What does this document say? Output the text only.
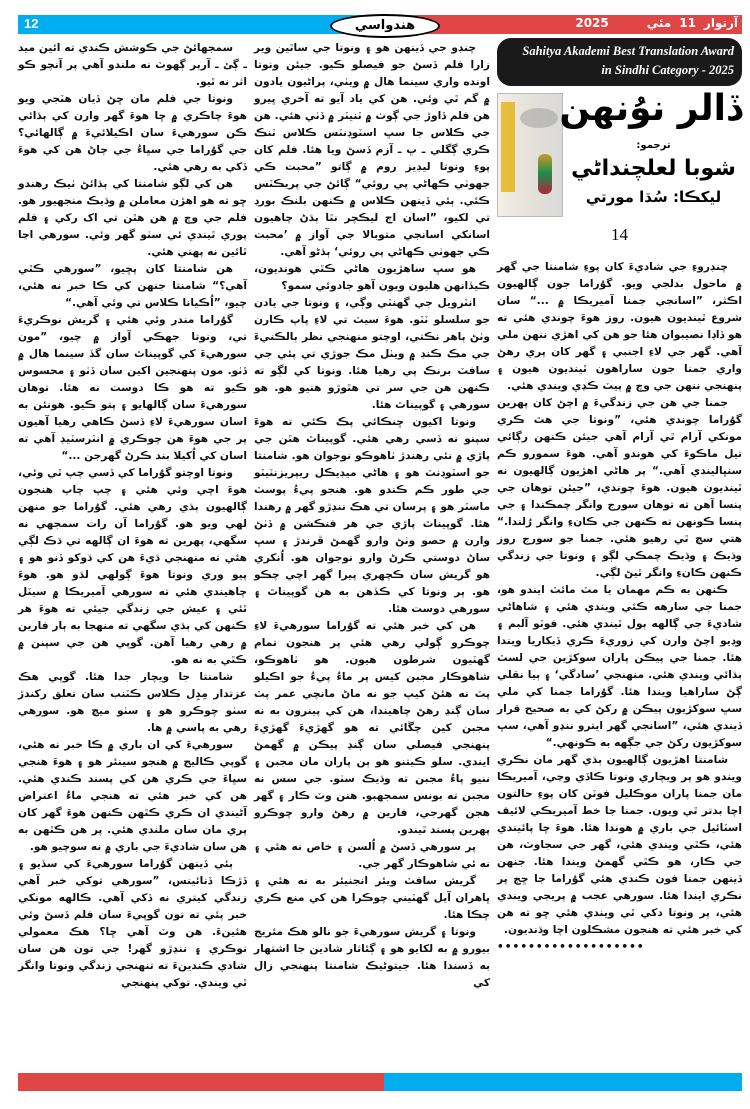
12	هندواسي	آرتوار11مئي2025
Sahitya Akademi Best Translation Award
in Sindhi Category - 2025
ڏالر نوُنهن
ترجمو:
شوبا لعلچنداڻي
ليکڪا: سُڌا مورتي
14

چنڊروءِ جي شاديءَ کان پوءِ شامنتا جي گهر ۾ ماحول بدلجي ويو. گوُراما جون ڳالهيون اڪثر، ”اسانجي جمنا آميريڪا ۾ ...“ سان شروع ٿينديون هيون. روز هوءَ چوندي هئي ته هو ڏاڍا نصيبوان هئا جو هن کي اهڙي ننهن ملي آهي. گهر جي لاءِ اجنبي ۽ گهر کان پري رهڻ واري جمنا جون ساراهون ٿينديون هيون ۽ پنهنجي ننهن جي وچ ۾ پيٽ ڪڍي ويندي هئي.

جمنا جي هن جي زندگيءَ ۾ اچڻ کان پهرين گوُراما چوندي هئي، ”ونوتا جي هٿ ڪري مونکي آرام ٿي آرام آهي جيئن ڪنهن رڳائي تيل ماڪوءَ کي هوندو آهي. هوءَ سمورو ڪم سنڀاليندي آهي.“ پر هاڻي اهڙيون ڳالهيون نه ٿينديون هيون. هوءَ چوندي، ”جيئن توهان جي پنسا آهن ته توهان سورج وانگر چمڪندا ۽ جي پنسا ڪونهن ته ڪنهن جي ڪانءِ وانگر رُلندا.“ هتي سچ ٿي رهيو هئي. جمنا جو سورج روز وڌيڪ ۽ وڌيڪ چمڪي لڳو ۽ ونوتا جي زندگي ڪنهن ڪانءِ وانگر ٿيڻ لڳي.

ڪنهن به ڪم مهمان يا مٽ مائٽ ايندو هو، جمنا جي سارهه ڪئي ويندي هئي ۽ شاهاڻي شاديءَ جي ڳالهه ٻول ٿيندي هئي. فوٽو آلبم ۽ وڊيو اچڻ وارن کي زوريءَ ڪري ڏيکاريا ويندا هئا. جمنا جي پيڪن پاران سوکڙين جي لسٽ ٻڌائي ويندي هئي. منهنجي ’سادگي‘ ۽ ٻيا نقلي ڳڻ ساراهيا ويندا هئا. گوُراما جمنا کي ملي سڀ سوکڙيون پيڪن ۾ رکڻ کي به صحيح قرار ڏيندي هئي، ”اسانجي گهر ايترو ننڍو آهي، سڀ سوکڙيون رکڻ جي جڳهه به ڪونهي.“

شامنتا اهڙيون ڳالهيون ٻڌي گهر مان نڪري ويندو هو پر ويچاري ونوتا ڪاڏي وڃي، آميريڪا مان جمنا پاران موڪليل فوٽن کان پوءِ حالتون اچا بدتر ٿي ويون. جمنا جا خط آميريڪي لائيف اسٽائيل جي باري ۾ هوندا هئا. هوءَ ڇا پائيندي هئي، ڪٿي ويندي هئي، گهر جي سجاوٽ، هن جي ڪار، هو ڪٿي گهمڻ ويندا هئا. جنهن ڏينهن جمنا فون ڪندي هئي گوُراما جا ڇڄ پر نڪري ايندا هئا. سورهي عجب ۾ پريجي ويندي هئي، پر ونوتا دکي ٿي ويندي هئي ڇو ته هن کي خبر هئي ته هنجون مشڪلون اچا وڌنديون.

•••••••••••••••••••

چنڊو جي ڏينهن هو ۽ ونوتا جي ساٿين وير زارا فلم ڏسڻ جو فيصلو ڪيو. جيئن ونوتا اونده واري سينما هال ۾ ويٺي، پراڻيون يادون ۾ گم ٿي وئي. هن کي ياد آيو ته آخري ڀيرو هن فلم ڏاوڙ جي ڳوٺ ۾ ٽنيٽر ۾ ڏٺي هئي. هن جي ڪلاس جا سڀ اسٽوڊنٽس ڪلاس ٽنڪ ڪري ڳگلي ـ ڀ ـ آزم ڏسڻ ويا هئا. فلم کان پوءِ ونوتا ليڊيز روم ۾ ڳاتو ”محبت ڪي جهوٺي ڪهاڻي پي روئي“ ڳائڻ جي پريڪٽس ڪئي. ٻئي ڏينهن ڪلاس ۾ ڪنهن بلنڪ بورڊ تي لکيو، ”اسان اڄ ليڪچر نٿا ٻڌڻ چاهيون اسانکي اسانجي متوبالا جي آواز ۾ ’محبت ڪي جهوٺي ڪهاڻي پي روئي‘ ٻڌڻو آهي.

هو سڀ ساهڙيون هاڻي ڪٿي هونديون، ڪيڏانهن هليون ويون آهو جادوئي سمو؟

انٽرويل جي گهنٽي وڳي، ۽ ونوتا جي يادن جو سلسلو ٽٽو. هوءَ سيٽ تي لاءِ پاپ ڪارن وٺڻ ٻاهر نڪتي، اوچتو منهنجي نظر ٻالڪنيءَ جي مڪ ڪنڊ ۾ ويٺل مڪ جوڙي تي پئي جي سافٽ برنڪ پي رهيا هئا. ونوتا کي لڳو ته ڪنهن هن جي سر تي هٿوڙو هنيو هو. هو سورهي ۽ گوپيناٿ هئا.

ونوتا اکيون ڇنڪائي پڪ ڪئي ته هوءَ سپنو نه ڏسي رهي هئي. گوپيناٿ هٿن جي پاڙي ۾ نئي رهندڙ ٺاهوڪو نوجوان هو. شامنتا جو اسٽوڊنٽ هو ۽ هاڻي ميڊيڪل ريپريزنٽيٽو جي طور ڪم ڪندو هو. هنجو پيءُ پوسٽ ماسٽر هو ۽ پرسان تي هڪ ننڍڙو گهر ۾ رهندا هئا. گوپيناٿ پاڙي جي هر فنڪشن ۾ ڏٺڻ وارن ۾ حصو وٺڻ وارو گهمڻ ڦرندڙ ۽ سڀ ساڻ دوستي ڪرڻ وارو نوجوان هو. اُنکري هو گريش سان ڪچهري پيرا گهر اچي چڪو هو. پر ونوتا کي ڪڏهن به هن گوپيناٿ ۽ سورهي دوست هئا.

هن کي خبر هئي ته گوُراما سورهيءَ لاءِ چوڪرو ڳولي رهي هئي پر هنجون تمام گهٽيون شرطون هيون. هو ٺاهوڪو، شاهوڪار مجبن کيس پر ماءُ پيءُ جو اڪيلو پٽ نه هئڻ کيپ جو نه ماڻ مانچي عمر پٽ سان ڳنڍ رهڻ چاهيندا، هن کي پينرون به نه مجبن کين چڱائي ته هو گهڙيءَ گهڙيءَ پنهنجي فيصلي سان ڳنڍ پيڪن ۾ گهمڻ ايندي. سلو ڪيتنو هو ٻن پاران مان مجبن ۽ ننيو پاءُ مجبن ته وڌيڪ سٺو. جي سس نه مجبن ته بونس سمجهبو. هنن وٽ ڪار ۽ گهر هجن گهرجي، فارين ۾ رهڻ وارو چوڪرو پهرين پسند ٿيندو.

پر سورهي ڏسڻ ۾ اُلسن ۽ خاص نه هئي ۽ نه ئي شاهوڪار گهر جي.

گريش سافٽ ويئر انجنيئر به نه هئي ۽ ڀاهران آيل گهٽيني چوڪرا هن کي منع ڪري چڪا هئا.

ونوتا ۽ گريش سورهيءَ جو نالو هڪ مئريج بيورو ۾ به لکايو هو ۽ ڳئاثار شادين جا اشتهار به ڏسندا هئا. جيتوڻيڪ شامنتا پنهنجي زال کي

سمجهائڻ جي ڪوشش ڪندي ته ائين ميد ـ ڳئ ـ آرٻر ڳهوٽ نه ملندو آهي پر آنچو ڪو اثر نه ٿيو.

ونوتا جي فلم مان ڇڻ ڏيان هٽجي ويو هوءَ چاڪري ۾ ڇا هوءَ گهر وارن کي ٻڌائي ڪن سورهيءَ سان اڪيلائيءَ ۾ ڳالهائي؟ جي گوُراما جي سڀاءُ جي ڄاڻ هن کي هوءَ ڏکي به رهي هئي.

هن کي لڳو شامنتا کي ٻڌائڻ ٺيڪ رهندو ڇو ته هو اهڙن معاملن ۾ وڌيڪ منجهيور هو. فلم جي وچ ۾ هن هٿن تي اک رکي ۽ فلم پوري ٿيندي ئي سٺو گهر وئي. سورهي اڃا ٿائين نه پهتي هئي.

هن شامنتا کان پڇيو، ”سورهي ڪٿي آهي؟“ شامنتا جنهن کي ڪا خبر نه هئي، چيو، ”اُڪيانا ڪلاس تي وئي آهي.“

گوُراما مندر وئي هئي ۽ گريش نوڪريءَ تي، ونوتا جهڪي آواز ۾ چيو، ”مون سورهيءَ کي گوپيناٿ سان گڏ سينما هال ۾ ڏٺو. مون پنهنجين اکين سان ڏٺو ۽ محسوس ڪيو ته هو ڪا دوست نه هئا. توهان سورهيءَ سان ڳالهايو ۽ پتو ڪيو. هونئن به اسان سورهيءَ لاءِ ڏسڻ ڪاهي رهيا آهيون پر جي هوءَ هن چوڪري ۾ انٽرسٽيڊ آهي ته اسان کي اُکيلا بند ڪرڻ گهرجن ...“

ونوتا اوچتو گوُراما کي ڏسي چپ ٿي وئي، هوءَ اچي وئي هئي ۽ چپ چاپ هنجون ڳالهيون ٻڌي رهي هئي. گوُراما جو منهن لهي ويو هو. گوُراما آن رات سمجهي نه سگهي، پهرين ته هوءَ ان ڳالهه تي ڌڪ لڳي هئي ته منهنجي ڌيءَ هن کي ڌوکو ڏنو هو ۽ پيو وري ونوتا هوءَ ڳولهي لڌو هو. هوءَ چاهيندي هئي ته سورهي آميريڪا ۾ سيٽل ٿئي ۽ عيش جي زندگي جيئي ته هوءَ هر ڪنهن کي ٻڌي سگهي ته منهجا به ٻار فارين ۾ رهي رهيا آهن. گوپي هن جي سپنن ۾ ڪٿي به نه هو.

شامنتا جا ويچار جدا هئا. گوپي هڪ عزتدار مِڊِل ڪلاس ڪٽنب سان تعلق رکندڙ سٺو چوڪرو هو ۽ سٺو ميچ هو. سورهي رهي به پاسي ۾ ها.

سورهيءَ کي ان باري ۾ ڪا خبر نه هئي، گوپي ڪاليج ۾ هنجو سينئر هو ۽ هوءَ هنجي سڀاءَ جي ڪري هن کي پسند ڪندي هئي. هن کي خبر هئي ته هنجي ماءُ اعتراض آڻيندي ان ڪري ڪٿهن ڪنهن هوءَ گهر کان پري مان سان ملندي هئي. پر هن ڪٿهن به هن سان شاديءَ جي باري ۾ نه سوچيو هو.

ٻئي ڏينهن گوُراما سورهيءَ کي سڏيو ۽ ڏڙڪا ڏنائينس، ”سورهي توکي خبر آهي زندگي کيتري نه ڏکي آهي. ڪالهه مونکي خبر پئي ته تون گوپيءَ سان فلم ڏسڻ وئي هئينءَ. هن وٽ آهي ڇا؟ هڪ معمولي نوڪري ۽ ننڍڙو گهر! جي تون هن سان شادي ڪندينءَ ته تنهنجي زندگي ونوتا وانگر ٿي ويندي. توکي پنهنجي
